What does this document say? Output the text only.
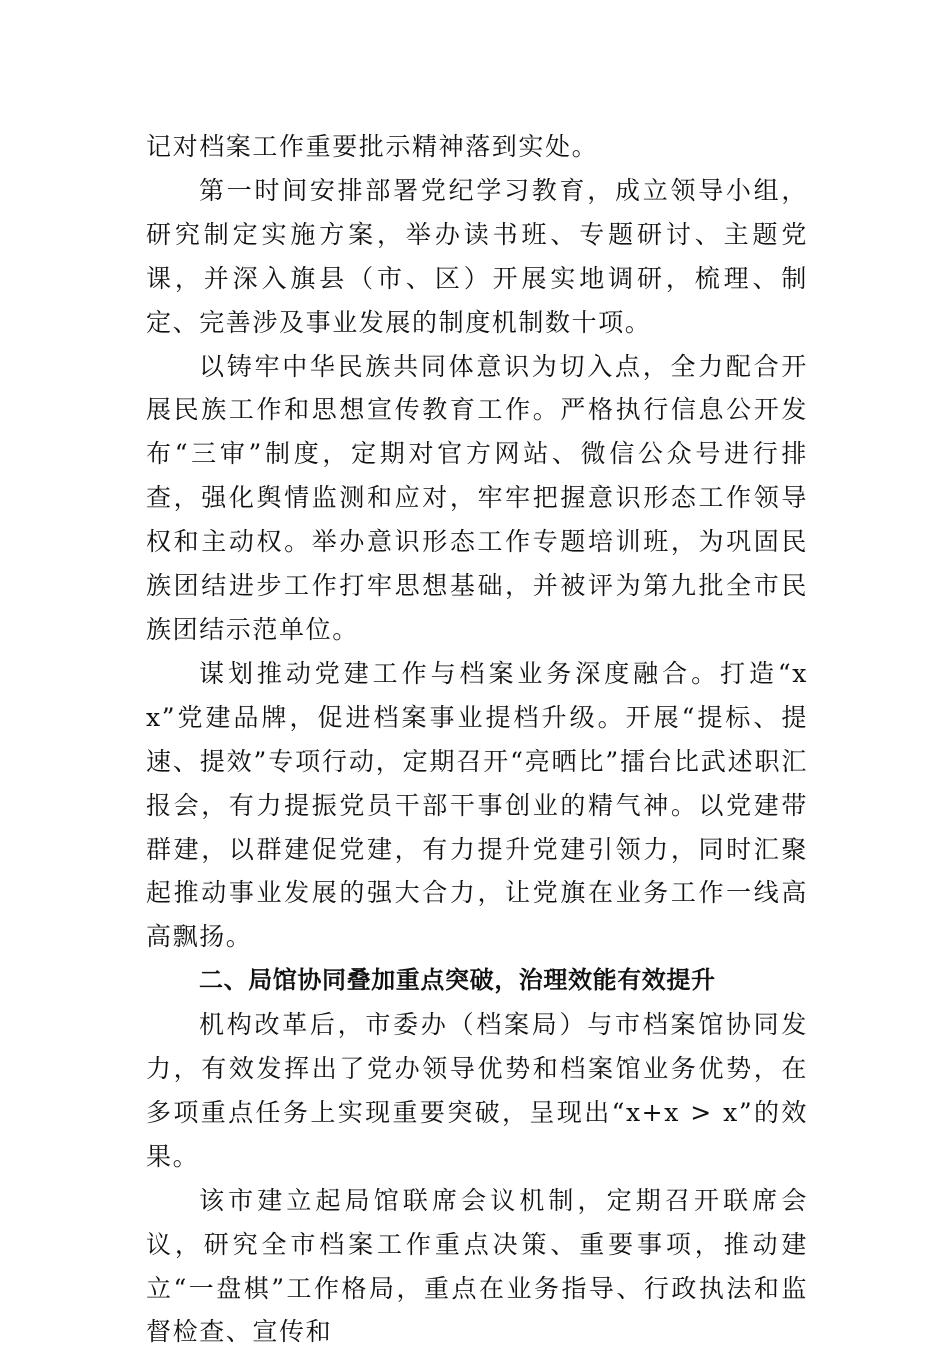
记对档案工作重要批示精神落到实处。

第一时间安排部署党纪学习教育，成立领导小组，研究制定实施方案，举办读书班、专题研讨、主题党课，并深入旗县（市、区）开展实地调研，梳理、制定、完善涉及事业发展的制度机制数十项。

以铸牢中华民族共同体意识为切入点，全力配合开展民族工作和思想宣传教育工作。严格执行信息公开发布“三审”制度，定期对官方网站、微信公众号进行排查，强化舆情监测和应对，牢牢把握意识形态工作领导权和主动权。举办意识形态工作专题培训班，为巩固民族团结进步工作打牢思想基础，并被评为第九批全市民族团结示范单位。

谋划推动党建工作与档案业务深度融合。打造“xx”党建品牌，促进档案事业提档升级。开展“提标、提速、提效”专项行动，定期召开“亮晒比”擂台比武述职汇报会，有力提振党员干部干事创业的精气神。以党建带群建，以群建促党建，有力提升党建引领力，同时汇聚起推动事业发展的强大合力，让党旗在业务工作一线高高飘扬。

二、局馆协同叠加重点突破，治理效能有效提升

机构改革后，市委办（档案局）与市档案馆协同发力，有效发挥出了党办领导优势和档案馆业务优势，在多项重点任务上实现重要突破，呈现出“x+x > x”的效果。

该市建立起局馆联席会议机制，定期召开联席会议，研究全市档案工作重点决策、重要事项，推动建立“一盘棋”工作格局，重点在业务指导、行政执法和监督检查、宣传和
